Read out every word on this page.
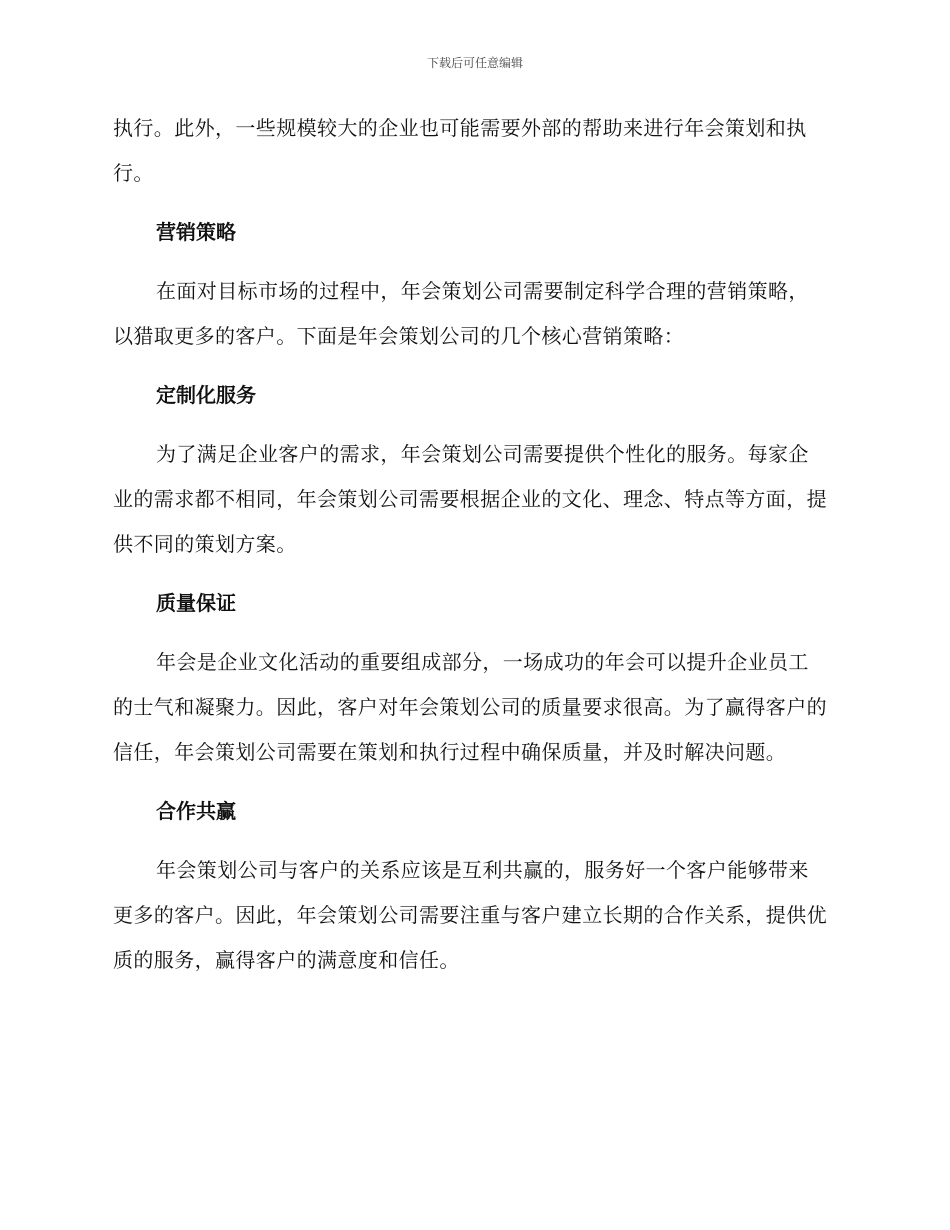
下载后可任意编辑

执行。此外，一些规模较大的企业也可能需要外部的帮助来进行年会策划和执行。

营销策略

在面对目标市场的过程中，年会策划公司需要制定科学合理的营销策略，以猎取更多的客户。下面是年会策划公司的几个核心营销策略：

定制化服务

为了满足企业客户的需求，年会策划公司需要提供个性化的服务。每家企业的需求都不相同，年会策划公司需要根据企业的文化、理念、特点等方面，提供不同的策划方案。

质量保证

年会是企业文化活动的重要组成部分，一场成功的年会可以提升企业员工的士气和凝聚力。因此，客户对年会策划公司的质量要求很高。为了赢得客户的信任，年会策划公司需要在策划和执行过程中确保质量，并及时解决问题。

合作共赢

年会策划公司与客户的关系应该是互利共赢的，服务好一个客户能够带来更多的客户。因此，年会策划公司需要注重与客户建立长期的合作关系，提供优质的服务，赢得客户的满意度和信任。
